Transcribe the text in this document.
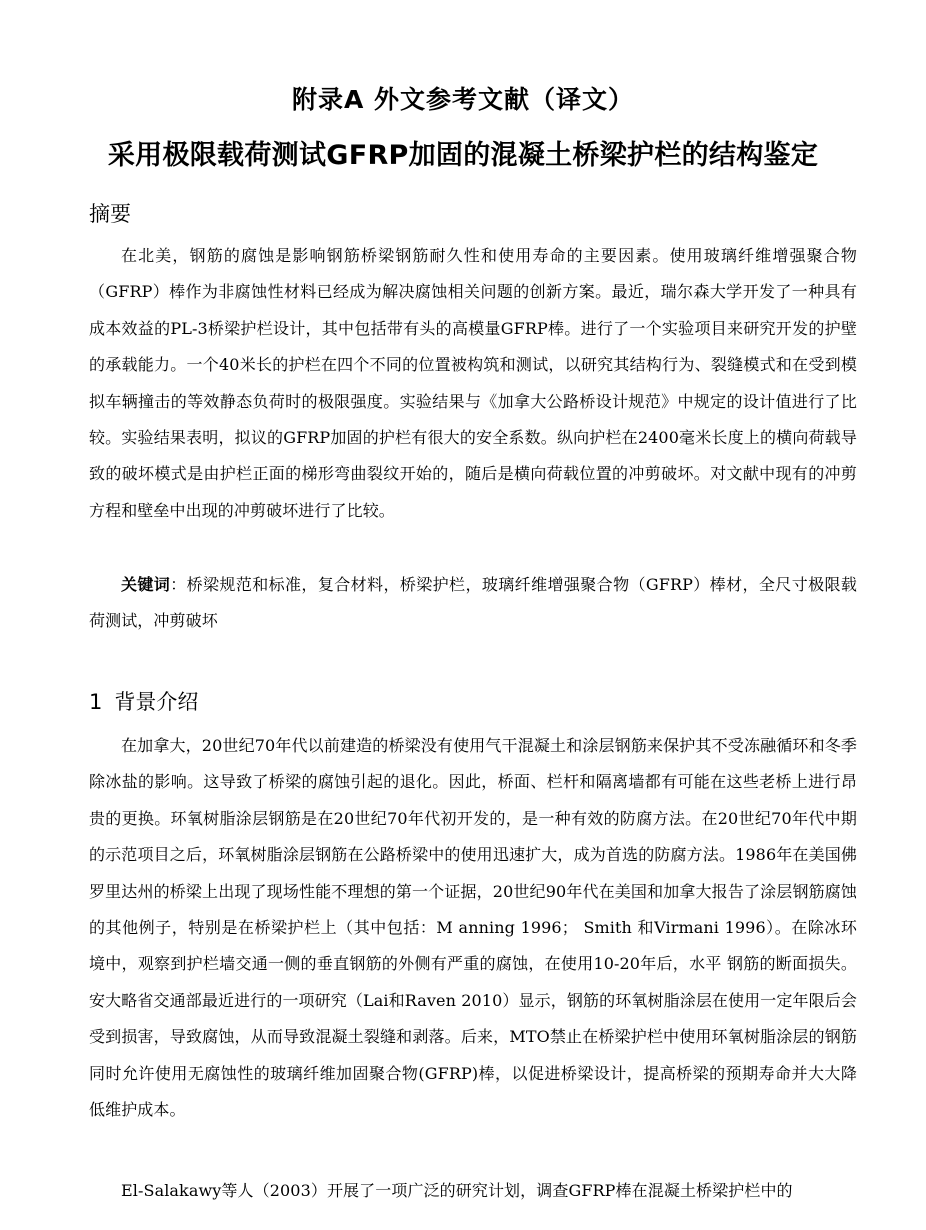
附录A 外文参考文献（译文）
采用极限载荷测试GFRP加固的混凝土桥梁护栏的结构鉴定
摘要

在北美，钢筋的腐蚀是影响钢筋桥梁钢筋耐久性和使用寿命的主要因素。使用玻璃纤维增强聚合物（GFRP）棒作为非腐蚀性材料已经成为解决腐蚀相关问题的创新方案。最近，瑞尔森大学开发了一种具有成本效益的PL-3桥梁护栏设计，其中包括带有头的高模量GFRP棒。进行了一个实验项目来研究开发的护壁的承载能力。一个40米长的护栏在四个不同的位置被构筑和测试，以研究其结构行为、裂缝模式和在受到模拟车辆撞击的等效静态负荷时的极限强度。实验结果与《加拿大公路桥设计规范》中规定的设计值进行了比较。实验结果表明，拟议的GFRP加固的护栏有很大的安全系数。纵向护栏在2400毫米长度上的横向荷载导致的破坏模式是由护栏正面的梯形弯曲裂纹开始的，随后是横向荷载位置的冲剪破坏。对文献中现有的冲剪方程和壁垒中出现的冲剪破坏进行了比较。

关键词：桥梁规范和标准，复合材料，桥梁护栏，玻璃纤维增强聚合物（GFRP）棒材，全尺寸极限载荷测试，冲剪破坏

1 背景介绍

在加拿大，20世纪70年代以前建造的桥梁没有使用气干混凝土和涂层钢筋来保护其不受冻融循环和冬季除冰盐的影响。这导致了桥梁的腐蚀引起的退化。因此，桥面、栏杆和隔离墙都有可能在这些老桥上进行昂贵的更换。环氧树脂涂层钢筋是在20世纪70年代初开发的，是一种有效的防腐方法。在20世纪70年代中期的示范项目之后，环氧树脂涂层钢筋在公路桥梁中的使用迅速扩大，成为首选的防腐方法。1986年在美国佛罗里达州的桥梁上出现了现场性能不理想的第一个证据，20世纪90年代在美国和加拿大报告了涂层钢筋腐蚀的其他例子，特别是在桥梁护栏上（其中包括：M anning 1996； Smith 和Virmani 1996）。在除冰环境中，观察到护栏墙交通一侧的垂直钢筋的外侧有严重的腐蚀，在使用10-20年后，水平 钢筋的断面损失。安大略省交通部最近进行的一项研究（Lai和Raven 2010）显示，钢筋的环氧树脂涂层在使用一定年限后会受到损害，导致腐蚀，从而导致混凝土裂缝和剥落。后来，MTO禁止在桥梁护栏中使用环氧树脂涂层的钢筋同时允许使用无腐蚀性的玻璃纤维加固聚合物(GFRP)棒，以促进桥梁设计，提高桥梁的预期寿命并大大降低维护成本。

El-Salakawy等人（2003）开展了一项广泛的研究计划，调查GFRP棒在混凝土桥梁护栏中的
